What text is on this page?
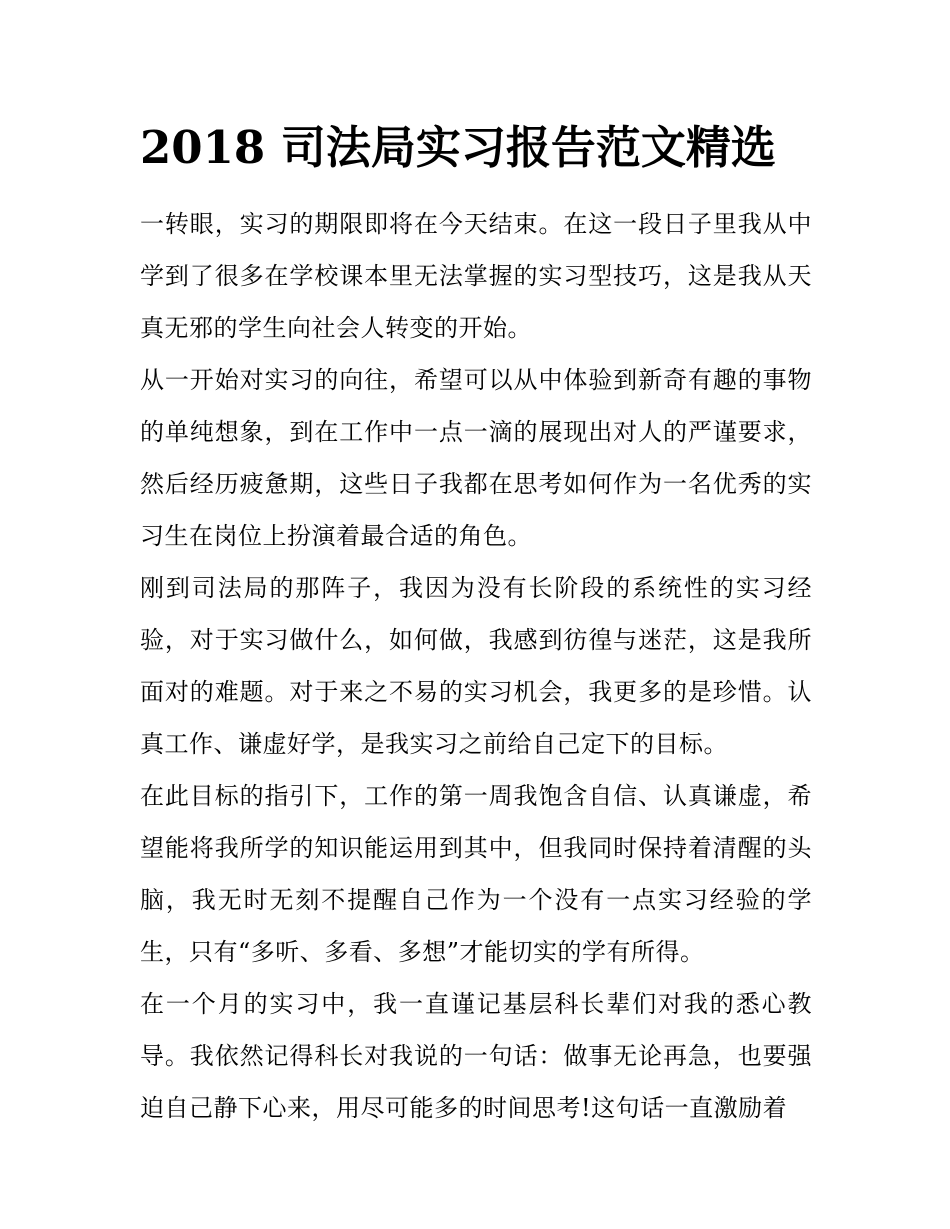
2018 司法局实习报告范文精选

一转眼，实习的期限即将在今天结束。在这一段日子里我从中学到了很多在学校课本里无法掌握的实习型技巧，这是我从天真无邪的学生向社会人转变的开始。

从一开始对实习的向往，希望可以从中体验到新奇有趣的事物的单纯想象，到在工作中一点一滴的展现出对人的严谨要求，然后经历疲惫期，这些日子我都在思考如何作为一名优秀的实习生在岗位上扮演着最合适的角色。

刚到司法局的那阵子，我因为没有长阶段的系统性的实习经验，对于实习做什么，如何做，我感到彷徨与迷茫，这是我所面对的难题。对于来之不易的实习机会，我更多的是珍惜。认真工作、谦虚好学，是我实习之前给自己定下的目标。

在此目标的指引下，工作的第一周我饱含自信、认真谦虚，希望能将我所学的知识能运用到其中，但我同时保持着清醒的头脑，我无时无刻不提醒自己作为一个没有一点实习经验的学生，只有“多听、多看、多想”才能切实的学有所得。

在一个月的实习中，我一直谨记基层科长辈们对我的悉心教导。我依然记得科长对我说的一句话：做事无论再急，也要强迫自己静下心来，用尽可能多的时间思考!这句话一直激励着
